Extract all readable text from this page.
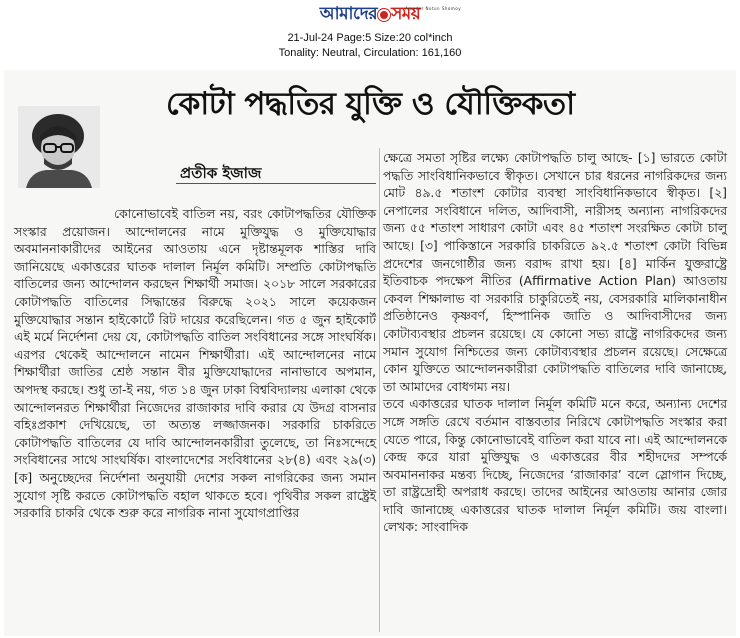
Amader Notun Shomoy
আমাদের সময়
21-Jul-24 Page:5 Size:20 col*inch
Tonality: Neutral, Circulation: 161,160
কোটা পদ্ধতির যুক্তি ও যৌক্তিকতা
প্রতীক ইজাজ

কোনোভাবেই বাতিল নয়, বরং কোটাপদ্ধতির যৌক্তিক সংস্কার প্রয়োজন। আন্দোলনের নামে মুক্তিযুদ্ধ ও মুক্তিযোদ্ধার অবমাননাকারীদের আইনের আওতায় এনে দৃষ্টান্তমূলক শাস্তির দাবি জানিয়েছে একাত্তরের ঘাতক দালাল নির্মূল কমিটি। সম্প্রতি কোটাপদ্ধতি বাতিলের জন্য আন্দোলন করছেন শিক্ষার্থী সমাজ। ২০১৮ সালে সরকারের কোটাপদ্ধতি বাতিলের সিদ্ধান্তের বিরুদ্ধে ২০২১ সালে কয়েকজন মুক্তিযোদ্ধার সন্তান হাইকোর্টে রিট দায়ের করেছিলেন। গত ৫ জুন হাইকোর্ট এই মর্মে নির্দেশনা দেয় যে, কোটাপদ্ধতি বাতিল সংবিধানের সঙ্গে সাংঘর্ষিক। এরপর থেকেই আন্দোলনে নামেন শিক্ষার্থীরা। এই আন্দোলনের নামে শিক্ষার্থীরা জাতির শ্রেষ্ঠ সন্তান বীর মুক্তিযোদ্ধাদের নানাভাবে অপমান, অপদস্থ করছে। শুধু তা-ই নয়, গত ১৪ জুন ঢাকা বিশ্ববিদ্যালয় এলাকা থেকে আন্দোলনরত শিক্ষার্থীরা নিজেদের রাজাকার দাবি করার যে উদগ্র বাসনার বহিঃপ্রকাশ দেখিয়েছে, তা অত্যন্ত লজ্জাজনক। সরকারি চাকরিতে কোটাপদ্ধতি বাতিলের যে দাবি আন্দোলনকারীরা তুলেছে, তা নিঃসন্দেহে সংবিধানের সাথে সাংঘর্ষিক। বাংলাদেশের সংবিধানের ২৮(৪) এবং ২৯(৩) [ক] অনুচ্ছেদের নির্দেশনা অনুযায়ী দেশের সকল নাগরিকের জন্য সমান সুযোগ সৃষ্টি করতে কোটাপদ্ধতি বহাল থাকতে হবে। পৃথিবীর সকল রাষ্ট্রেই সরকারি চাকরি থেকে শুরু করে নাগরিক নানা সুযোগপ্রাপ্তির

ক্ষেত্রে সমতা সৃষ্টির লক্ষ্যে কোটাপদ্ধতি চালু আছে- [১] ভারতে কোটা পদ্ধতি সাংবিধানিকভাবে স্বীকৃত। সেখানে চার ধরনের নাগরিকদের জন্য মোট ৪৯.৫ শতাংশ কোটার ব্যবস্থা সাংবিধানিকভাবে স্বীকৃত। [২] নেপালের সংবিধানে দলিত, আদিবাসী, নারীসহ অন্যান্য নাগরিকদের জন্য ৫৫ শতাংশ সাধারণ কোটা এবং ৪৫ শতাংশ সংরক্ষিত কোটা চালু আছে। [৩] পাকিস্তানে সরকারি চাকরিতে ৯২.৫ শতাংশ কোটা বিভিন্ন প্রদেশের জনগোষ্ঠীর জন্য বরাদ্দ রাখা হয়। [৪] মার্কিন যুক্তরাষ্ট্রে ইতিবাচক পদক্ষেপ নীতির (Affirmative Action Plan) আওতায় কেবল শিক্ষালাভ বা সরকারি চাকুরিতেই নয়, বেসরকারি মালিকানাধীন প্রতিষ্ঠানেও কৃষ্ণবর্ণ, হিস্পানিক জাতি ও আদিবাসীদের জন্য কোটাব্যবস্থার প্রচলন রয়েছে। যে কোনো সভ্য রাষ্ট্রে নাগরিকদের জন্য সমান সুযোগ নিশ্চিতের জন্য কোটাব্যবস্থার প্রচলন রয়েছে। সেক্ষেত্রে কোন যুক্তিতে আন্দোলনকারীরা কোটাপদ্ধতি বাতিলের দাবি জানাচ্ছে, তা আমাদের বোধগম্য নয়।

তবে একাত্তরের ঘাতক দালাল নির্মূল কমিটি মনে করে, অন্যান্য দেশের সঙ্গে সঙ্গতি রেখে বর্তমান বাস্তবতার নিরিখে কোটাপদ্ধতি সংস্কার করা যেতে পারে, কিন্তু কোনোভাবেই বাতিল করা যাবে না। এই আন্দোলনকে কেন্দ্র করে যারা মুক্তিযুদ্ধ ও একাত্তরের বীর শহীদদের সম্পর্কে অবমাননাকর মন্তব্য দিচ্ছে, নিজেদের ‘রাজাকার’ বলে স্লোগান দিচ্ছে, তা রাষ্ট্রদ্রোহী অপরাধ করছে। তাদের আইনের আওতায় আনার জোর দাবি জানাচ্ছে একাত্তরের ঘাতক দালাল নির্মূল কমিটি। জয় বাংলা। লেখক: সাংবাদিক
